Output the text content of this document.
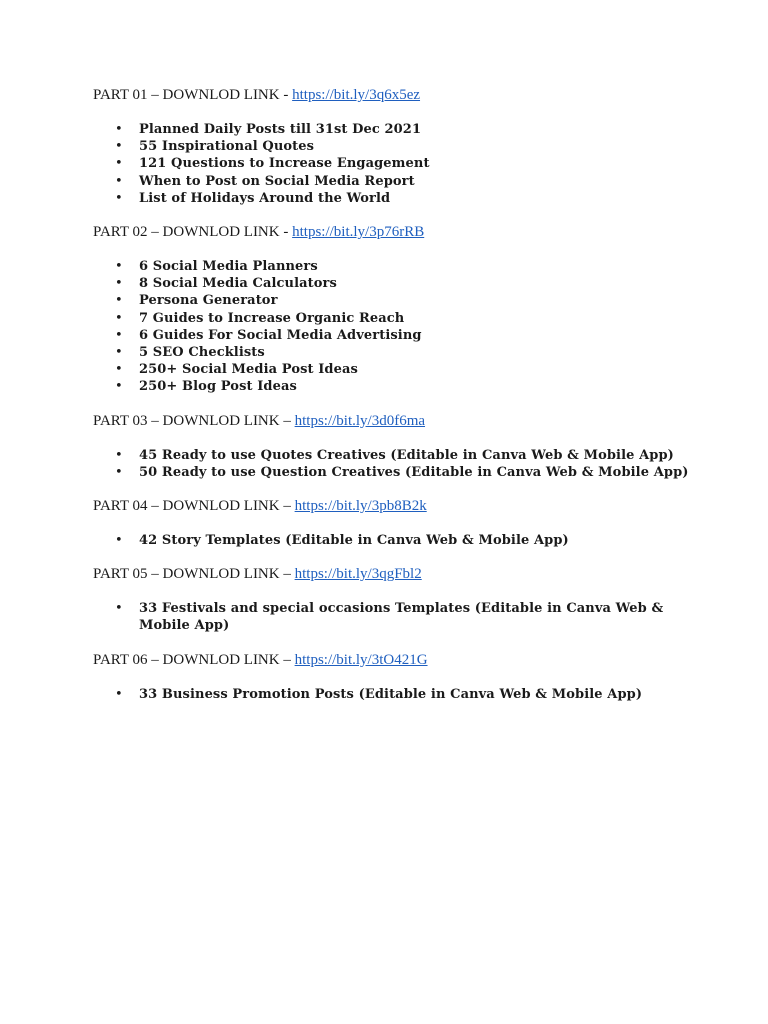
PART 01 – DOWNLOD LINK - https://bit.ly/3q6x5ez

• Planned Daily Posts till 31st Dec 2021
• 55 Inspirational Quotes
• 121 Questions to Increase Engagement
• When to Post on Social Media Report
• List of Holidays Around the World

PART 02 – DOWNLOD LINK - https://bit.ly/3p76rRB

• 6 Social Media Planners
• 8 Social Media Calculators
• Persona Generator
• 7 Guides to Increase Organic Reach
• 6 Guides For Social Media Advertising
• 5 SEO Checklists
• 250+ Social Media Post Ideas
• 250+ Blog Post Ideas

PART 03 – DOWNLOD LINK – https://bit.ly/3d0f6ma

• 45 Ready to use Quotes Creatives (Editable in Canva Web & Mobile App)
• 50 Ready to use Question Creatives (Editable in Canva Web & Mobile App)

PART 04 – DOWNLOD LINK – https://bit.ly/3pb8B2k

• 42 Story Templates (Editable in Canva Web & Mobile App)

PART 05 – DOWNLOD LINK – https://bit.ly/3qgFbl2

• 33 Festivals and special occasions Templates (Editable in Canva Web & Mobile App)

PART 06 – DOWNLOD LINK – https://bit.ly/3tO421G

• 33 Business Promotion Posts (Editable in Canva Web & Mobile App)
